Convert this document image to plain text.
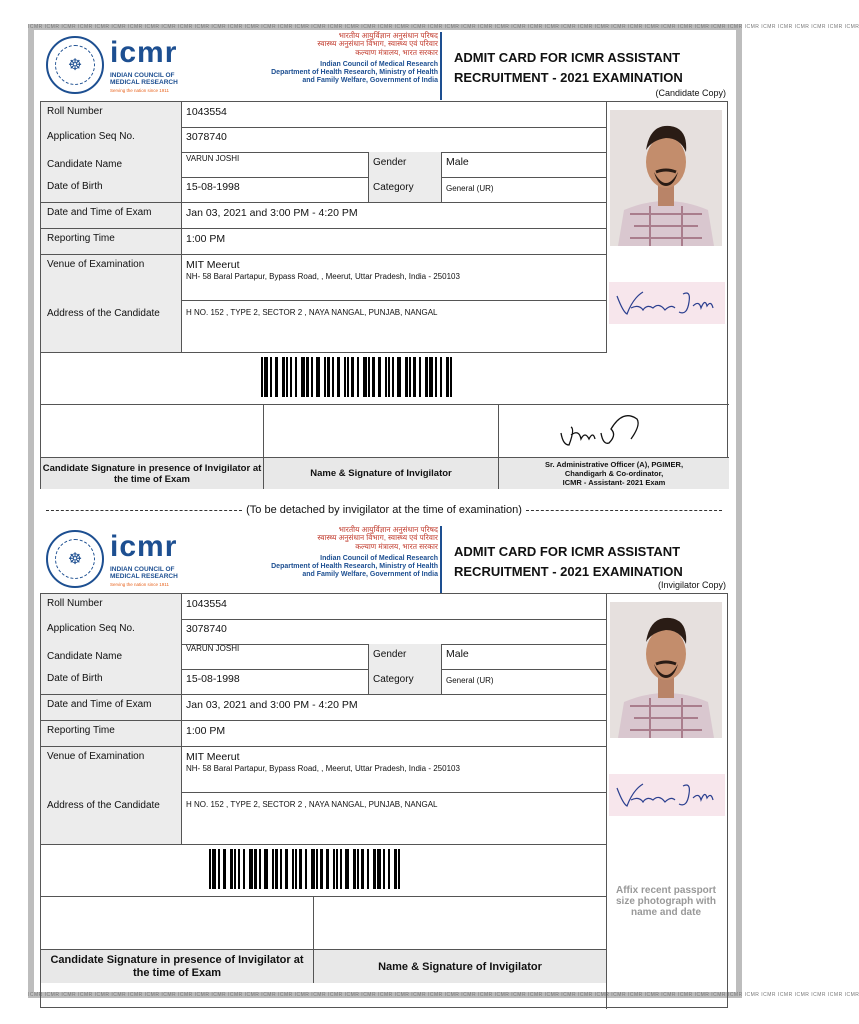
ICMR ICMR ICMR ICMR ICMR ICMR ICMR ICMR ICMR ICMR ICMR ICMR ICMR ICMR ICMR ICMR ICMR ICMR ICMR ICMR ICMR ICMR ICMR ICMR ICMR ICMR ICMR ICMR ICMR ICMR ICMR ICMR ICMR ICMR ICMR ICMR ICMR ICMR ICMR ICMR ICMR ICMR ICMR ICMR ICMR ICMR ICMR ICMR ICMR ICMR
ICMR ICMR ICMR ICMR ICMR ICMR ICMR ICMR ICMR ICMR ICMR ICMR ICMR ICMR ICMR ICMR ICMR ICMR ICMR ICMR ICMR ICMR ICMR ICMR ICMR ICMR ICMR ICMR ICMR ICMR ICMR ICMR ICMR ICMR ICMR ICMR ICMR ICMR ICMR ICMR ICMR ICMR ICMR ICMR ICMR ICMR ICMR ICMR ICMR ICMR
☸ icmr
INDIAN COUNCIL OF MEDICAL RESEARCH
Serving the nation since 1911
भारतीय आयुर्विज्ञान अनुसंधान परिषद
स्वास्थ्य अनुसंधान विभाग, स्वास्थ्य एवं परिवार
कल्याण मंत्रालय, भारत सरकार
Indian Council of Medical Research
Department of Health Research, Ministry of Health
and Family Welfare, Government of India
ADMIT CARD FOR ICMR ASSISTANT
RECRUITMENT - 2021 EXAMINATION
(Candidate Copy)
Roll Number	1043554
Application Seq No.	3078740
Candidate Name
VARUN JOSHI	Gender	Male
Date of Birth	15-08-1998	Category	General (UR)
Date and Time of Exam	Jan 03, 2021 and 3:00 PM - 4:20 PM
Reporting Time	1:00 PM
Venue of Examination	MIT Meerut
NH- 58 Baral Partapur, Bypass Road, , Meerut, Uttar Pradesh, India - 250103
Address of the Candidate	H NO. 152 , TYPE 2, SECTOR 2 , NAYA NANGAL, PUNJAB, NANGAL
Candidate Signature in presence of Invigilator at the time of Exam	Name & Signature of Invigilator
Sr. Administrative Officer (A), PGIMER,
Chandigarh & Co-ordinator,
ICMR - Assistant- 2021 Exam
(To be detached by invigilator at the time of examination)
☸ icmr
INDIAN COUNCIL OF MEDICAL RESEARCH
Serving the nation since 1911
भारतीय आयुर्विज्ञान अनुसंधान परिषद
स्वास्थ्य अनुसंधान विभाग, स्वास्थ्य एवं परिवार
कल्याण मंत्रालय, भारत सरकार
Indian Council of Medical Research
Department of Health Research, Ministry of Health
and Family Welfare, Government of India
ADMIT CARD FOR ICMR ASSISTANT
RECRUITMENT - 2021 EXAMINATION
(Invigilator Copy)
Roll Number	1043554
Application Seq No.	3078740
Candidate Name
VARUN JOSHI
Gender	Male
Date of Birth	15-08-1998	Category	General (UR)
Date and Time of Exam	Jan 03, 2021 and 3:00 PM - 4:20 PM
Reporting Time	1:00 PM
Venue of Examination	MIT Meerut
NH- 58 Baral Partapur, Bypass Road, , Meerut, Uttar Pradesh, India - 250103
Address of the Candidate	H NO. 152 , TYPE 2, SECTOR 2 , NAYA NANGAL, PUNJAB, NANGAL
Affix recent passport size photograph with name and date
Candidate Signature in presence of Invigilator at the time of Exam	Name & Signature of Invigilator
